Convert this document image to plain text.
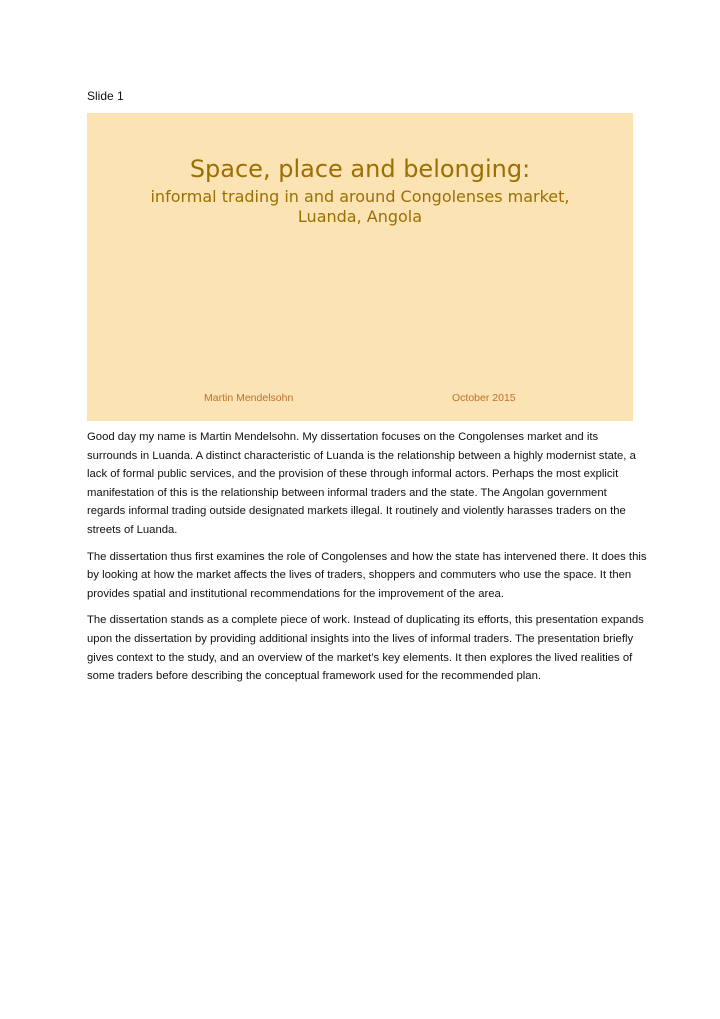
Slide 1
Space, place and belonging:
informal trading in and around Congolenses market, Luanda, Angola
Martin Mendelsohn	October 2015

Good day my name is Martin Mendelsohn. My dissertation focuses on the Congolenses market and its surrounds in Luanda. A distinct characteristic of Luanda is the relationship between a highly modernist state, a lack of formal public services, and the provision of these through informal actors. Perhaps the most explicit manifestation of this is the relationship between informal traders and the state. The Angolan government regards informal trading outside designated markets illegal. It routinely and violently harasses traders on the streets of Luanda.

The dissertation thus first examines the role of Congolenses and how the state has intervened there. It does this by looking at how the market affects the lives of traders, shoppers and commuters who use the space. It then provides spatial and institutional recommendations for the improvement of the area.

The dissertation stands as a complete piece of work. Instead of duplicating its efforts, this presentation expands upon the dissertation by providing additional insights into the lives of informal traders. The presentation briefly gives context to the study, and an overview of the market’s key elements. It then explores the lived realities of some traders before describing the conceptual framework used for the recommended plan.
